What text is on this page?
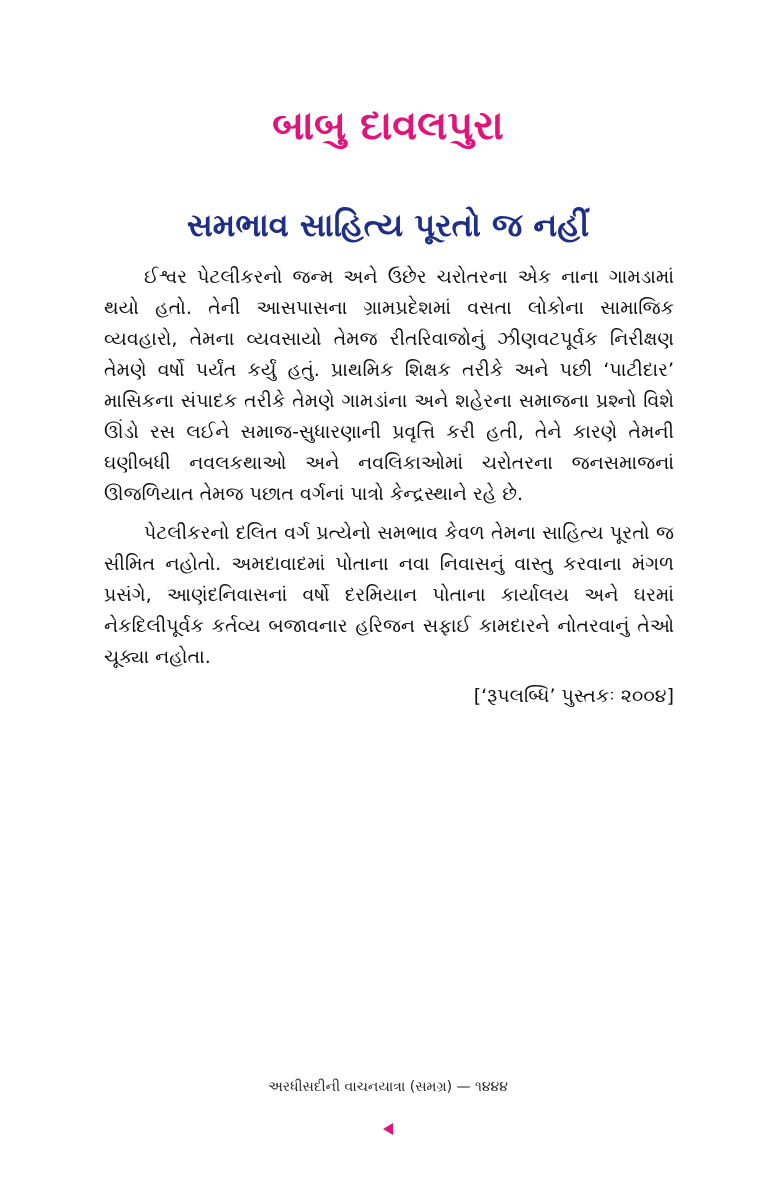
બાબુ દાવલપુરા
સમભાવ સાહિત્ય પૂરતો જ નહીં

ઈશ્વર પેટલીકરનો જન્મ અને ઉછેર ચરોતરના એક નાના ગામડામાં થયો હતો. તેની આસપાસના ગ્રામપ્રદેશમાં વસતા લોકોના સામાજિક વ્યવહારો, તેમના વ્યવસાયો તેમજ રીતરિવાજોનું ઝીણવટપૂર્વક નિરીક્ષણ તેમણે વર્ષો પર્યંત કર્યું હતું. પ્રાથમિક શિક્ષક તરીકે અને પછી ‘પાટીદાર’ માસિકના સંપાદક તરીકે તેમણે ગામડાંના અને શહેરના સમાજના પ્રશ્નો વિશે ઊંડો રસ લઈને સમાજ-સુધારણાની પ્રવૃત્તિ કરી હતી, તેને કારણે તેમની ઘણીબધી નવલકથાઓ અને નવલિકાઓમાં ચરોતરના જનસમાજનાં ઊજળિયાત તેમજ પછાત વર્ગનાં પાત્રો કેન્દ્રસ્થાને રહે છે.

પેટલીકરનો દલિત વર્ગ પ્રત્યેનો સમભાવ કેવળ તેમના સાહિત્ય પૂરતો જ સીમિત નહોતો. અમદાવાદમાં પોતાના નવા નિવાસનું વાસ્તુ કરવાના મંગળ પ્રસંગે, આણંદનિવાસનાં વર્ષો દરમિયાન પોતાના કાર્યાલય અને ઘરમાં નેકદિલીપૂર્વક કર્તવ્ય બજાવનાર હરિજન સફાઈ કામદારને નોતરવાનું તેઓ ચૂક્યા નહોતા.

[‘રૂપલબ્ધિ’ પુસ્તકઃ ૨૦૦૪]
અરધીસદીની વાચનયાત્રા (સમગ્ર) — ૧૪૪૪
